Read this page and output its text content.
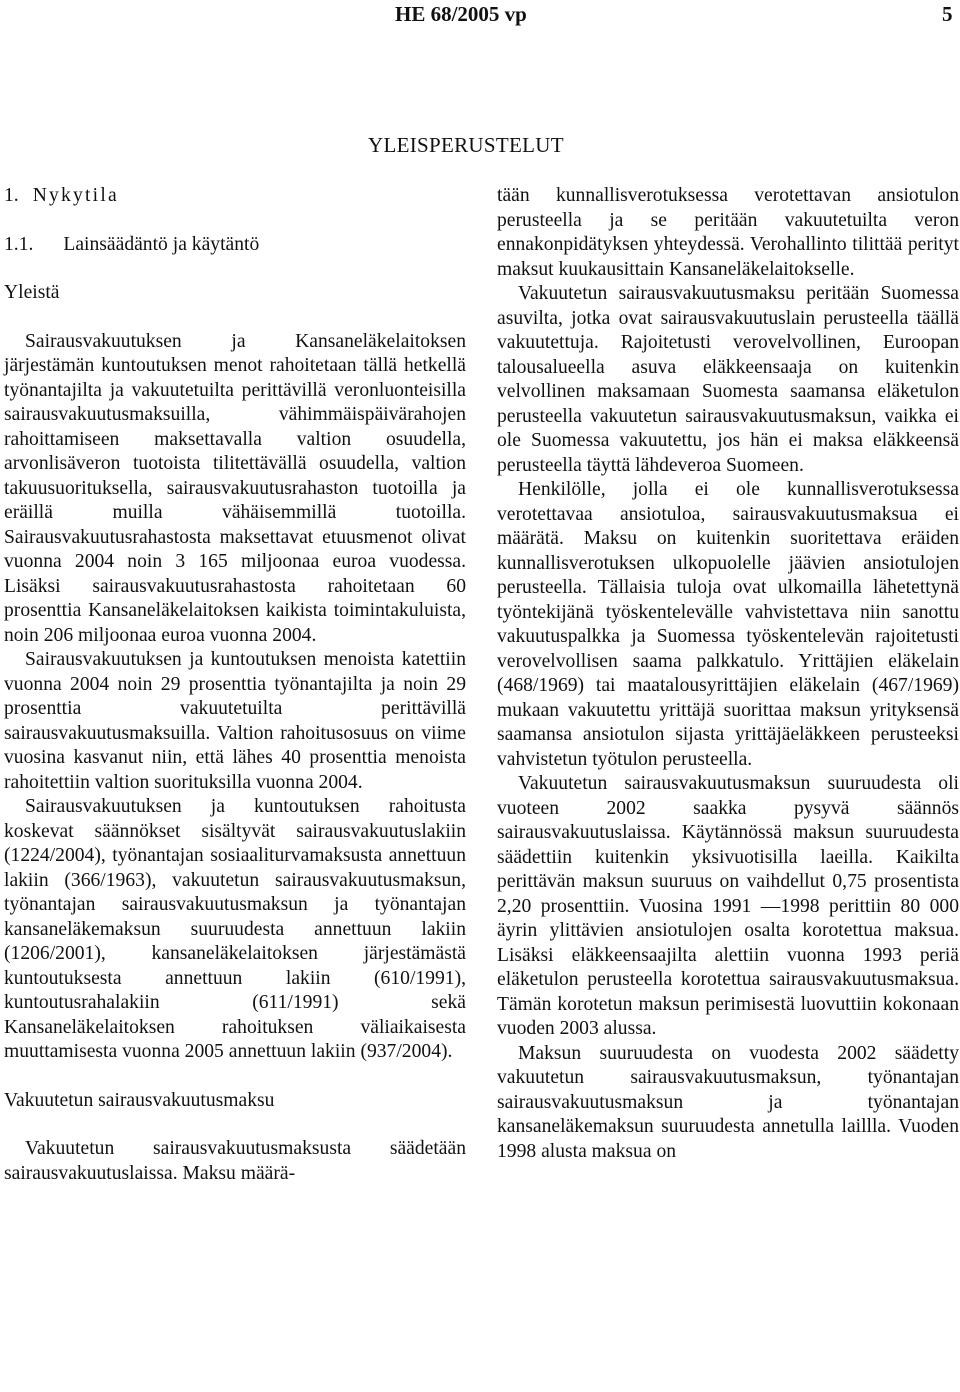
HE 68/2005 vp	5
YLEISPERUSTELUT
1. Nykytila
1.1. Lainsäädäntö ja käytäntö
Yleistä

Sairausvakuutuksen ja Kansaneläkelaitoksen järjestämän kuntoutuksen menot rahoitetaan tällä hetkellä työnantajilta ja vakuutetuilta perittävillä veronluonteisilla sairausvakuutusmaksuilla, vähimmäispäivärahojen rahoittamiseen maksettavalla valtion osuudella, arvonlisäveron tuotoista tilitettävällä osuudella, valtion takuusuorituksella, sairausvakuutusrahaston tuotoilla ja eräillä muilla vähäisemmillä tuotoilla. Sairausvakuutusrahastosta maksettavat etuusmenot olivat vuonna 2004 noin 3 165 miljoonaa euroa vuodessa. Lisäksi sairausvakuutusrahastosta rahoitetaan 60 prosenttia Kansaneläkelaitoksen kaikista toimintakuluista, noin 206 miljoonaa euroa vuonna 2004.

Sairausvakuutuksen ja kuntoutuksen menoista katettiin vuonna 2004 noin 29 prosenttia työnantajilta ja noin 29 prosenttia vakuutetuilta perittävillä sairausvakuutusmaksuilla. Valtion rahoitusosuus on viime vuosina kasvanut niin, että lähes 40 prosenttia menoista rahoitettiin valtion suorituksilla vuonna 2004.

Sairausvakuutuksen ja kuntoutuksen rahoitusta koskevat säännökset sisältyvät sairausvakuutuslakiin (1224/2004), työnantajan sosiaaliturvamaksusta annettuun lakiin (366/1963), vakuutetun sairausvakuutusmaksun, työnantajan sairausvakuutusmaksun ja työnantajan kansaneläkemaksun suuruudesta annettuun lakiin (1206/2001), kansaneläkelaitoksen järjestämästä kuntoutuksesta annettuun lakiin (610/1991), kuntoutusrahalakiin (611/1991) sekä Kansaneläkelaitoksen rahoituksen väliaikaisesta muuttamisesta vuonna 2005 annettuun lakiin (937/2004).

Vakuutetun sairausvakuutusmaksu

Vakuutetun sairausvakuutusmaksusta säädetään sairausvakuutuslaissa. Maksu määrä-

tään kunnallisverotuksessa verotettavan ansiotulon perusteella ja se peritään vakuutetuilta veron ennakonpidätyksen yhteydessä. Verohallinto tilittää perityt maksut kuukausittain Kansaneläkelaitokselle.

Vakuutetun sairausvakuutusmaksu peritään Suomessa asuvilta, jotka ovat sairausvakuutuslain perusteella täällä vakuutettuja. Rajoitetusti verovelvollinen, Euroopan talousalueella asuva eläkkeensaaja on kuitenkin velvollinen maksamaan Suomesta saamansa eläketulon perusteella vakuutetun sairausvakuutusmaksun, vaikka ei ole Suomessa vakuutettu, jos hän ei maksa eläkkeensä perusteella täyttä lähdeveroa Suomeen.

Henkilölle, jolla ei ole kunnallisverotuksessa verotettavaa ansiotuloa, sairausvakuutusmaksua ei määrätä. Maksu on kuitenkin suoritettava eräiden kunnallisverotuksen ulkopuolelle jäävien ansiotulojen perusteella. Tällaisia tuloja ovat ulkomailla lähetettynä työntekijänä työskentelevälle vahvistettava niin sanottu vakuutuspalkka ja Suomessa työskentelevän rajoitetusti verovelvollisen saama palkkatulo. Yrittäjien eläkelain (468/1969) tai maatalousyrittäjien eläkelain (467/1969) mukaan vakuutettu yrittäjä suorittaa maksun yrityksensä saamansa ansiotulon sijasta yrittäjäeläkkeen perusteeksi vahvistetun työtulon perusteella.

Vakuutetun sairausvakuutusmaksun suuruudesta oli vuoteen 2002 saakka pysyvä säännös sairausvakuutuslaissa. Käytännössä maksun suuruudesta säädettiin kuitenkin yksivuotisilla laeilla. Kaikilta perittävän maksun suuruus on vaihdellut 0,75 prosentista 2,20 prosenttiin. Vuosina 1991 —1998 perittiin 80 000 äyrin ylittävien ansiotulojen osalta korotettua maksua. Lisäksi eläkkeensaajilta alettiin vuonna 1993 periä eläketulon perusteella korotettua sairausvakuutusmaksua. Tämän korotetun maksun perimisestä luovuttiin kokonaan vuoden 2003 alussa.

Maksun suuruudesta on vuodesta 2002 säädetty vakuutetun sairausvakuutusmaksun, työnantajan sairausvakuutusmaksun ja työnantajan kansaneläkemaksun suuruudesta annetulla laillla. Vuoden 1998 alusta maksua on
